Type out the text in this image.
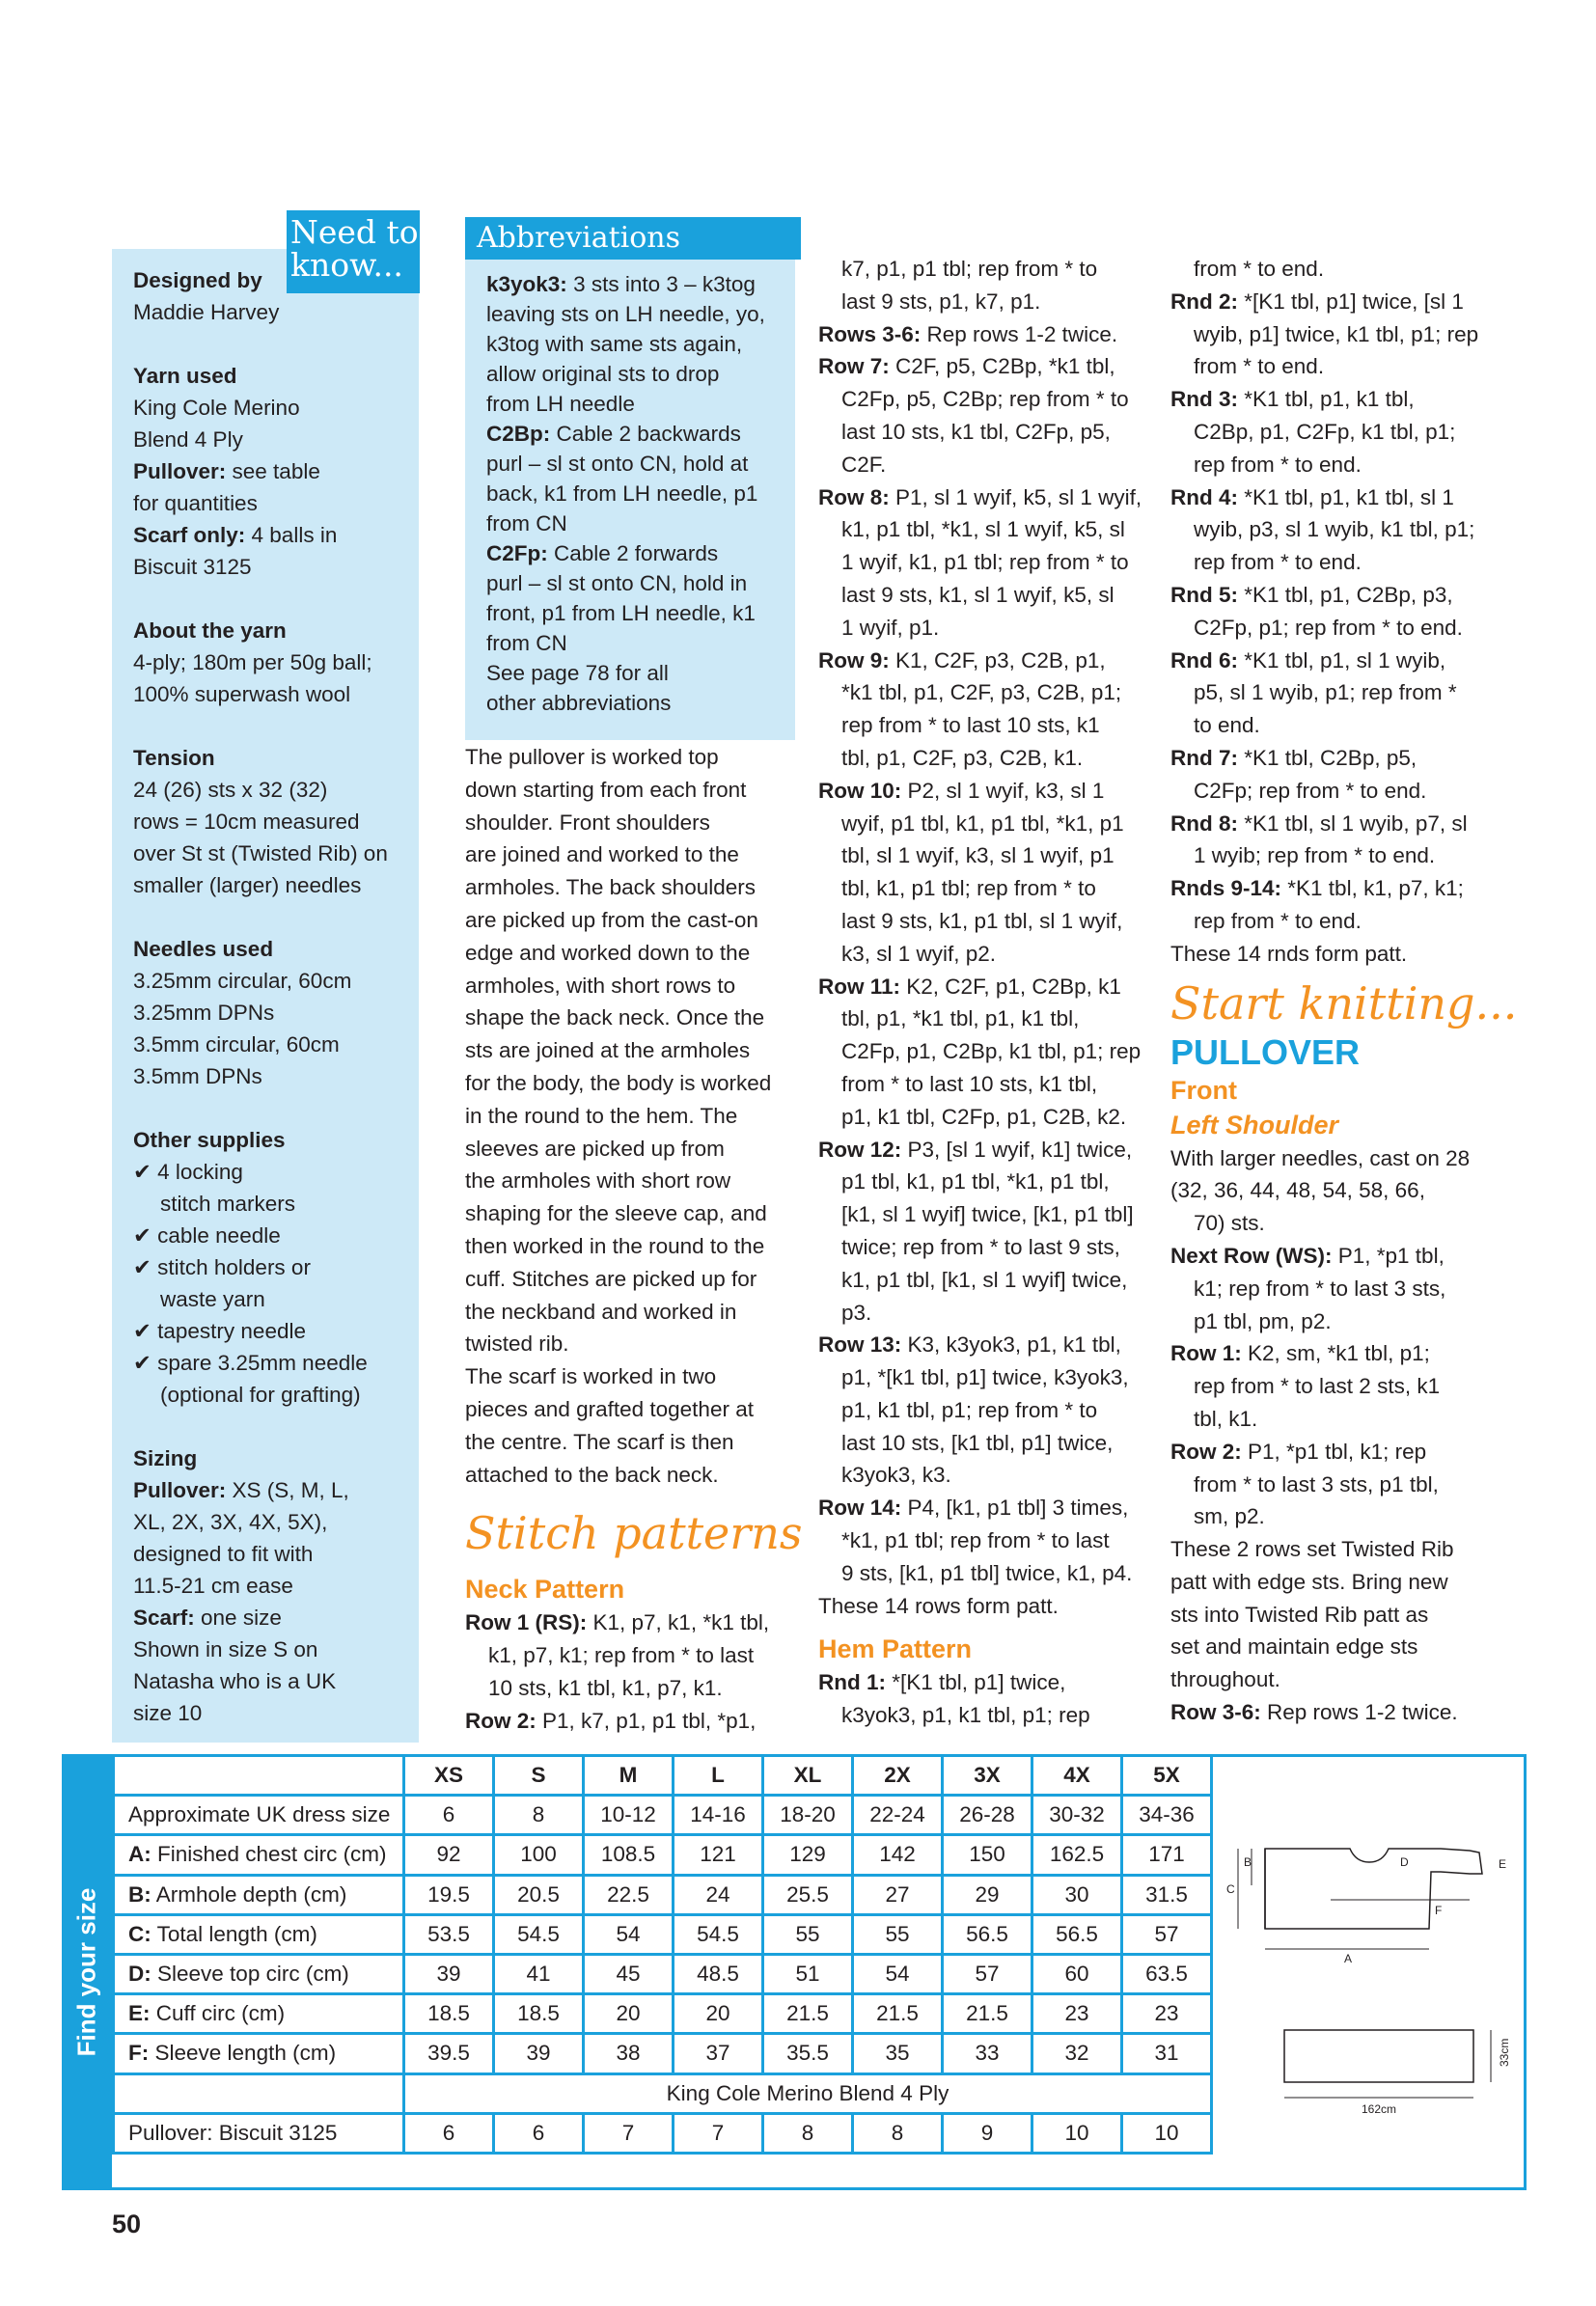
Designed by
Maddie Harvey
Yarn used
King Cole Merino
Blend 4 Ply
Pullover: see table
for quantities
Scarf only: 4 balls in
Biscuit 3125
About the yarn
4-ply; 180m per 50g ball;
100% superwash wool
Tension
24 (26) sts x 32 (32)
rows = 10cm measured
over St st (Twisted Rib) on
smaller (larger) needles
Needles used
3.25mm circular, 60cm
3.25mm DPNs
3.5mm circular, 60cm
3.5mm DPNs
Other supplies
✔ 4 locking
stitch markers
✔ cable needle
✔ stitch holders or
waste yarn
✔ tapestry needle
✔ spare 3.25mm needle
(optional for grafting)
Sizing
Pullover: XS (S, M, L,
XL, 2X, 3X, 4X, 5X),
designed to fit with
11.5-21 cm ease
Scarf: one size
Shown in size S on
Natasha who is a UK
size 10
Need to know...
Abbreviations
k3yok3: 3 sts into 3 – k3tog
leaving sts on LH needle, yo,
k3tog with same sts again,
allow original sts to drop
from LH needle
C2Bp: Cable 2 backwards
purl – sl st onto CN, hold at
back, k1 from LH needle, p1
from CN
C2Fp: Cable 2 forwards
purl – sl st onto CN, hold in
front, p1 from LH needle, k1
from CN
See page 78 for all
other abbreviations
The pullover is worked top
down starting from each front
shoulder. Front shoulders
are joined and worked to the
armholes. The back shoulders
are picked up from the cast-on
edge and worked down to the
armholes, with short rows to
shape the back neck. Once the
sts are joined at the armholes
for the body, the body is worked
in the round to the hem. The
sleeves are picked up from
the armholes with short row
shaping for the sleeve cap, and
then worked in the round to the
cuff. Stitches are picked up for
the neckband and worked in
twisted rib.
The scarf is worked in two
pieces and grafted together at
the centre. The scarf is then
attached to the back neck.
Stitch patterns
Neck Pattern
Row 1 (RS): K1, p7, k1, *k1 tbl,
k1, p7, k1; rep from * to last
10 sts, k1 tbl, k1, p7, k1.
Row 2: P1, k7, p1, p1 tbl, *p1,
k7, p1, p1 tbl; rep from * to
last 9 sts, p1, k7, p1.
Rows 3-6: Rep rows 1-2 twice.
Row 7: C2F, p5, C2Bp, *k1 tbl,
C2Fp, p5, C2Bp; rep from * to
last 10 sts, k1 tbl, C2Fp, p5,
C2F.
Row 8: P1, sl 1 wyif, k5, sl 1 wyif,
k1, p1 tbl, *k1, sl 1 wyif, k5, sl
1 wyif, k1, p1 tbl; rep from * to
last 9 sts, k1, sl 1 wyif, k5, sl
1 wyif, p1.
Row 9: K1, C2F, p3, C2B, p1,
*k1 tbl, p1, C2F, p3, C2B, p1;
rep from * to last 10 sts, k1
tbl, p1, C2F, p3, C2B, k1.
Row 10: P2, sl 1 wyif, k3, sl 1
wyif, p1 tbl, k1, p1 tbl, *k1, p1
tbl, sl 1 wyif, k3, sl 1 wyif, p1
tbl, k1, p1 tbl; rep from * to
last 9 sts, k1, p1 tbl, sl 1 wyif,
k3, sl 1 wyif, p2.
Row 11: K2, C2F, p1, C2Bp, k1
tbl, p1, *k1 tbl, p1, k1 tbl,
C2Fp, p1, C2Bp, k1 tbl, p1; rep
from * to last 10 sts, k1 tbl,
p1, k1 tbl, C2Fp, p1, C2B, k2.
Row 12: P3, [sl 1 wyif, k1] twice,
p1 tbl, k1, p1 tbl, *k1, p1 tbl,
[k1, sl 1 wyif] twice, [k1, p1 tbl]
twice; rep from * to last 9 sts,
k1, p1 tbl, [k1, sl 1 wyif] twice,
p3.
Row 13: K3, k3yok3, p1, k1 tbl,
p1, *[k1 tbl, p1] twice, k3yok3,
p1, k1 tbl, p1; rep from * to
last 10 sts, [k1 tbl, p1] twice,
k3yok3, k3.
Row 14: P4, [k1, p1 tbl] 3 times,
*k1, p1 tbl; rep from * to last
9 sts, [k1, p1 tbl] twice, k1, p4.
These 14 rows form patt.
Hem Pattern
Rnd 1: *[K1 tbl, p1] twice,
k3yok3, p1, k1 tbl, p1; rep
from * to end.
Rnd 2: *[K1 tbl, p1] twice, [sl 1
wyib, p1] twice, k1 tbl, p1; rep
from * to end.
Rnd 3: *K1 tbl, p1, k1 tbl,
C2Bp, p1, C2Fp, k1 tbl, p1;
rep from * to end.
Rnd 4: *K1 tbl, p1, k1 tbl, sl 1
wyib, p3, sl 1 wyib, k1 tbl, p1;
rep from * to end.
Rnd 5: *K1 tbl, p1, C2Bp, p3,
C2Fp, p1; rep from * to end.
Rnd 6: *K1 tbl, p1, sl 1 wyib,
p5, sl 1 wyib, p1; rep from *
to end.
Rnd 7: *K1 tbl, C2Bp, p5,
C2Fp; rep from * to end.
Rnd 8: *K1 tbl, sl 1 wyib, p7, sl
1 wyib; rep from * to end.
Rnds 9-14: *K1 tbl, k1, p7, k1;
rep from * to end.
These 14 rnds form patt.
Start knitting...
PULLOVER
Front
Left Shoulder
With larger needles, cast on 28
(32, 36, 44, 48, 54, 58, 66,
70) sts.
Next Row (WS): P1, *p1 tbl,
k1; rep from * to last 3 sts,
p1 tbl, pm, p2.
Row 1: K2, sm, *k1 tbl, p1;
rep from * to last 2 sts, k1
tbl, k1.
Row 2: P1, *p1 tbl, k1; rep
from * to last 3 sts, p1 tbl,
sm, p2.
These 2 rows set Twisted Rib
patt with edge sts. Bring new
sts into Twisted Rib patt as
set and maintain edge sts
throughout.
Row 3-6: Rep rows 1-2 twice.
Find your size
	XS	S	M	L	XL	2X	3X	4X	5X
Approximate UK dress size	6	8	10-12	14-16	18-20	22-24	26-28	30-32	34-36
A: Finished chest circ (cm)	92	100	108.5	121	129	142	150	162.5	171
B: Armhole depth (cm)	19.5	20.5	22.5	24	25.5	27	29	30	31.5
C: Total length (cm)	53.5	54.5	54	54.5	55	55	56.5	56.5	57
D: Sleeve top circ (cm)	39	41	45	48.5	51	54	57	60	63.5
E: Cuff circ (cm)	18.5	18.5	20	20	21.5	21.5	21.5	23	23
F: Sleeve length (cm)	39.5	39	38	37	35.5	35	33	32	31
	King Cole Merino Blend 4 Ply								
Pullover: Biscuit 3125	6	6	7	7	8	8	9	10	10
B
C
A
D	E
F
162cm
33cm
50
